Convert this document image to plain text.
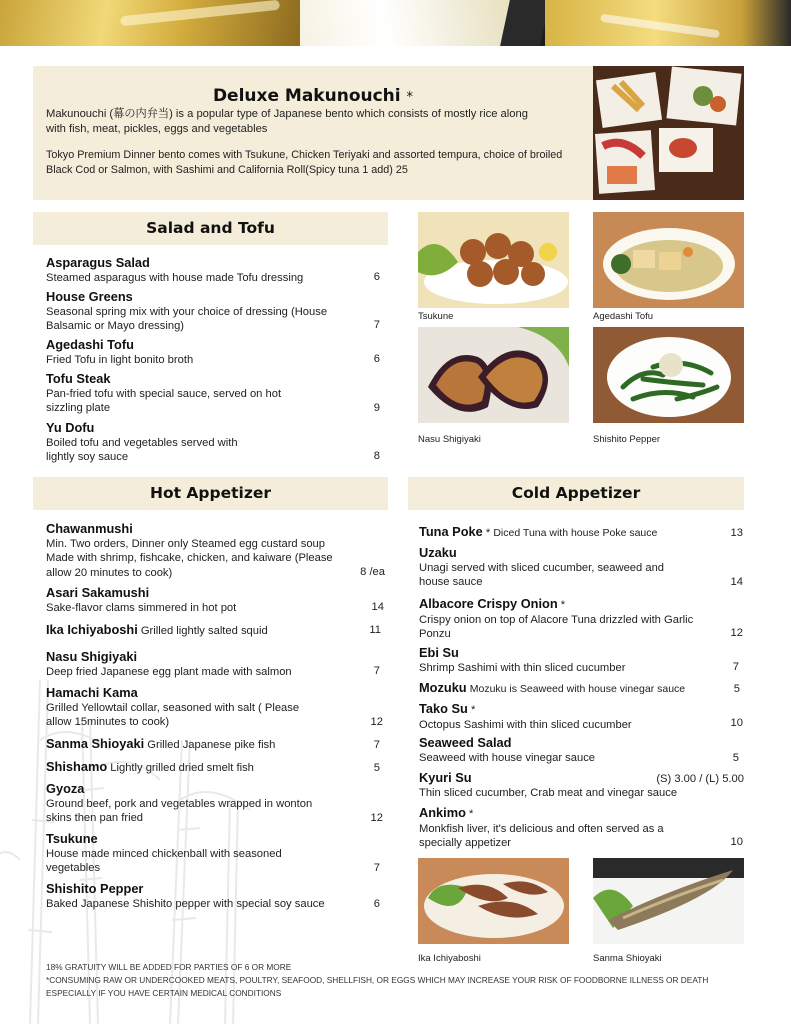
Deluxe Makunouchi *
Makunouchi (幕の内弁当) is a popular type of Japanese bento which consists of mostly rice along with fish, meat, pickles, eggs and vegetables
Tokyo Premium Dinner bento comes with Tsukune, Chicken Teriyaki and assorted tempura, choice of broiled Black Cod or Salmon, with Sashimi and California Roll(Spicy tuna 1 add) 25
Salad and Tofu
Asparagus Salad
Steamed asparagus with house made Tofu dressing	6
House Greens
Seasonal spring mix with your choice of dressing (House Balsamic or Mayo dressing)	7
Agedashi Tofu
Fried Tofu in light bonito broth	6
Tofu Steak
Pan-fried tofu with special sauce, served on hot sizzling plate	9
Yu Dofu
Boiled tofu and vegetables served with lightly soy sauce	8
Tsukune	Agedashi Tofu
Nasu Shigiyaki	Shishito Pepper
Hot Appetizer
Chawanmushi
Min. Two orders, Dinner only Steamed egg custard soup Made with shrimp, fishcake, chicken, and kaiware (Please allow 20 minutes to cook)	8 /ea
Asari Sakamushi
Sake-flavor clams simmered in hot pot	14
Ika Ichiyaboshi Grilled lightly salted squid	11
Nasu Shigiyaki
Deep fried Japanese egg plant made with salmon	7
Hamachi Kama
Grilled Yellowtail collar, seasoned with salt ( Please allow 15minutes to cook)	12
Sanma Shioyaki Grilled Japanese pike fish	7
Shishamo Lightly grilled dried smelt fish	5
Gyoza
Ground beef, pork and vegetables wrapped in wonton skins then pan fried	12
Tsukune
House made minced chickenball with seasoned vegetables	7
Shishito Pepper
Baked Japanese Shishito pepper with special soy sauce	6
Cold Appetizer
Tuna Poke * Diced Tuna with house Poke sauce	13
Uzaku
Unagi served with sliced cucumber, seaweed and house sauce	14
Albacore Crispy Onion *
Crispy onion on top of Alacore Tuna drizzled with Garlic Ponzu	12
Ebi Su
Shrimp Sashimi with thin sliced cucumber	7
Mozuku Mozuku is Seaweed with house vinegar sauce	5
Tako Su *
Octopus Sashimi with thin sliced cucumber	10
Seaweed Salad
Seaweed with house vinegar sauce	5
Kyuri Su
Thin sliced cucumber, Crab meat and vinegar sauce
(S) 3.00 / (L) 5.00
Ankimo *
Monkfish liver, it's delicious and often served as a specially appetizer	10
Ika Ichiyaboshi	Sanma Shioyaki
18% GRATUITY WILL BE ADDED FOR PARTIES OF 6 OR MORE
*CONSUMING RAW OR UNDERCOOKED MEATS, POULTRY, SEAFOOD, SHELLFISH, OR EGGS WHICH MAY INCREASE YOUR RISK OF FOODBORNE ILLNESS OR DEATH
ESPECIALLY IF YOU HAVE CERTAIN MEDICAL CONDITIONS
